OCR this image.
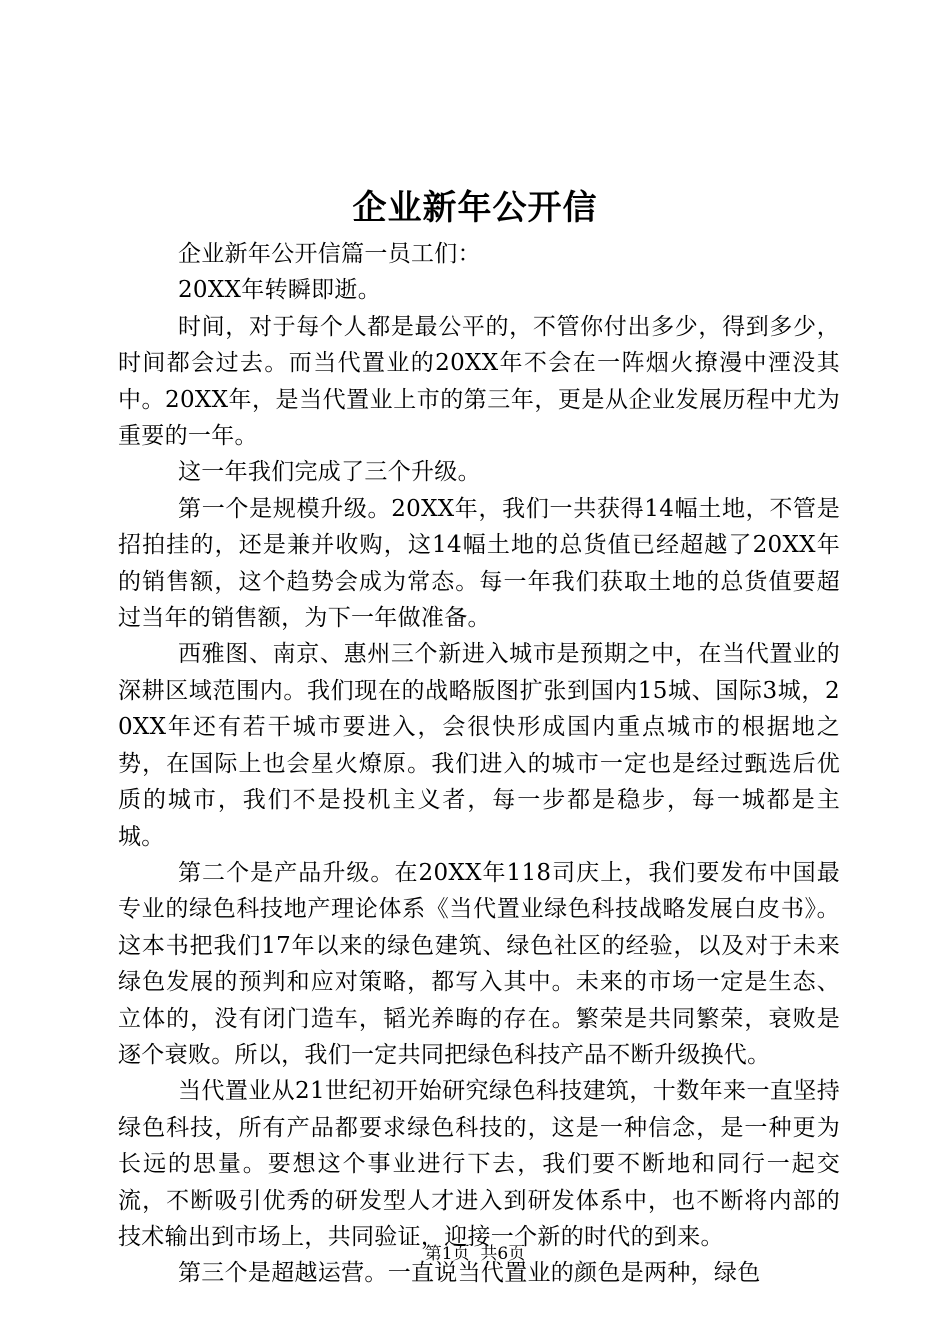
企业新年公开信

企业新年公开信篇一员工们：

20XX年转瞬即逝。

时间，对于每个人都是最公平的，不管你付出多少，得到多少，时间都会过去。而当代置业的20XX年不会在一阵烟火撩漫中湮没其中。20XX年，是当代置业上市的第三年，更是从企业发展历程中尤为重要的一年。

这一年我们完成了三个升级。

第一个是规模升级。20XX年，我们一共获得14幅土地，不管是招拍挂的，还是兼并收购，这14幅土地的总货值已经超越了20XX年的销售额，这个趋势会成为常态。每一年我们获取土地的总货值要超过当年的销售额，为下一年做准备。

西雅图、南京、惠州三个新进入城市是预期之中，在当代置业的深耕区域范围内。我们现在的战略版图扩张到国内15城、国际3城，20XX年还有若干城市要进入，会很快形成国内重点城市的根据地之势，在国际上也会星火燎原。我们进入的城市一定也是经过甄选后优质的城市，我们不是投机主义者，每一步都是稳步，每一城都是主城。

第二个是产品升级。在20XX年118司庆上，我们要发布中国最专业的绿色科技地产理论体系《当代置业绿色科技战略发展白皮书》。这本书把我们17年以来的绿色建筑、绿色社区的经验，以及对于未来绿色发展的预判和应对策略，都写入其中。未来的市场一定是生态、立体的，没有闭门造车，韬光养晦的存在。繁荣是共同繁荣，衰败是逐个衰败。所以，我们一定共同把绿色科技产品不断升级换代。

当代置业从21世纪初开始研究绿色科技建筑，十数年来一直坚持绿色科技，所有产品都要求绿色科技的，这是一种信念，是一种更为长远的思量。要想这个事业进行下去，我们要不断地和同行一起交流，不断吸引优秀的研发型人才进入到研发体系中，也不断将内部的技术输出到市场上，共同验证，迎接一个新的时代的到来。

第三个是超越运营。一直说当代置业的颜色是两种，绿色

第1页  共6页
